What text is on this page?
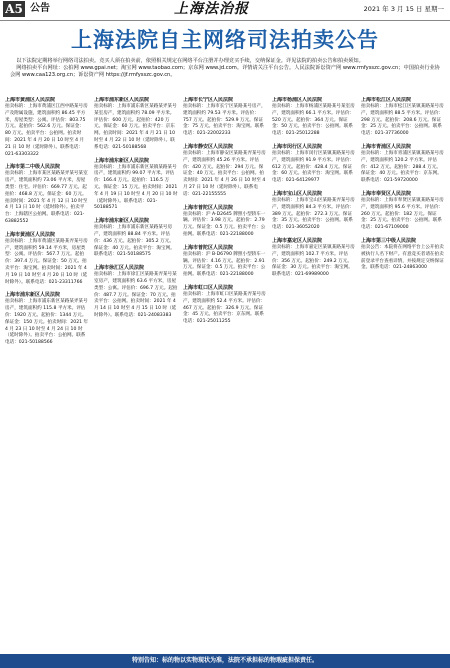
A5 公告	上海法治报	2021 年 3 月 15 日 星期一
上海法院自主网络司法拍卖公告

以下法院定期将举行网络司法拍卖。竞买人须在拍卖前，依照相关规定在网络平台注册并办理竞买手续，交纳保证金。详见法院的拍卖公告和拍卖须知。

网络拍卖平台网址：公拍网 www.gpai.net；淘宝网 www.taobao.com；京东网 www.jd.com。详情请关注平台公告。人民法院诉讼资产网 www.rmfysszc.gov.cn；中国拍卖行业协会网 www.caa123.org.cn；诉讼资产网 https://jf.rmfysszc.gov.cn。

上海市黄浦区人民法院

拍卖标的：上海市黄浦区江西中路某号房产及附属设施，建筑面积约 86.45 平方米，房屋类型：公寓。评估价：803.75 万元。起拍价：562.6 万元。保证金：80 万元。拍卖平台：公拍网。拍卖时间：2021 年 4 月 20 日 10 时至 4 月 21 日 10 时（延时除外）。联系电话：021-63303322

上海市第二中级人民法院

拍卖标的：上海市某区某路某弄某号某室房产，建筑面积约 73.06 平方米，房屋类型：住宅。评估价：669.77 万元。起拍价：468.8 万元。保证金：60 万元。拍卖时间：2021 年 4 月 12 日 10 时至 4 月 13 日 10 时（延时除外）。拍卖平台：上海辖区公拍网。联系电话：021-63882552

上海市黄浦区人民法院

拍卖标的：上海市黄浦区某路某弄某号房产，建筑面积约 59.14 平方米，房屋类型：公寓。评估价：567.7 万元。起拍价：397.4 万元。保证金：50 万元。拍卖平台：淘宝网。拍卖时间：2021 年 4 月 19 日 10 时至 4 月 20 日 10 时（延时除外）。联系电话：021-23311766

上海市浦东新区人民法院

拍卖标的：上海市浦东新区某路某弄某号房产，建筑面积约 115.8 平方米。评估价：1920 万元。起拍价：1344 万元。保证金：150 万元。拍卖时间：2021 年 4 月 23 日 10 时至 4 月 24 日 10 时（延时除外）。拍卖平台：公拍网。联系电话：021-50188566

上海市浦东新区人民法院

拍卖标的：上海市浦东新区某路某弄某号某室房产，建筑面积约 78.09 平方米。评估价：600 万元。起拍价：420 万元。保证金：60 万元。拍卖平台：京东网。拍卖时间：2021 年 4 月 21 日 10 时至 4 月 22 日 10 时（延时除外）。联系电话：021-50188568

上海市浦东新区人民法院

拍卖标的：上海市浦东新区某镇某路某号房产，建筑面积约 99.07 平方米。评估价：166.4 万元。起拍价：116.5 万元。保证金：15 万元。拍卖时间：2021 年 4 月 19 日 10 时至 4 月 20 日 10 时（延时除外）。联系电话：021-50188571

上海市浦东新区人民法院

拍卖标的：上海市浦东新区某路某号房产，建筑面积约 88.84 平方米。评估价：436 万元。起拍价：305.2 万元。保证金：40 万元。拍卖平台：淘宝网。联系电话：021-50188575

上海市徐汇区人民法院

拍卖标的：上海市徐汇区某路某弄某号某室房产，建筑面积约 63.6 平方米，房屋类型：公寓。评估价：696.7 万元。起拍价：487.7 万元。保证金：70 万元。拍卖平台：公拍网。拍卖时间：2021 年 4 月 14 日 10 时至 4 月 15 日 10 时（延时除外）。联系电话：021-24083383

上海市长宁区人民法院

拍卖标的：上海市长宁区某路某号房产，建筑面积约 79.53 平方米。评估价：757 万元。起拍价：529.9 万元。保证金：75 万元。拍卖平台：淘宝网。联系电话：021-22002233

上海市静安区人民法院

拍卖标的：上海市静安区某路某弄某号房产，建筑面积约 45.26 平方米。评估价：420 万元。起拍价：294 万元。保证金：40 万元。拍卖平台：公拍网。拍卖时间：2021 年 4 月 26 日 10 时至 4 月 27 日 10 时（延时除外）。联系电话：021-22155555

上海市普陀区人民法院

拍卖标的：沪 A·D2645 牌照小型轿车一辆。评估价：3.98 万元。起拍价：2.79 万元。保证金：0.5 万元。拍卖平台：公拍网。联系电话：021-22188000

上海市普陀区人民法院

拍卖标的：沪 B·D6790 牌照小型轿车一辆。评估价：4.16 万元。起拍价：2.91 万元。保证金：0.5 万元。拍卖平台：公拍网。联系电话：021-22188000

上海市虹口区人民法院

拍卖标的：上海市虹口区某路某弄某号房产，建筑面积约 52.4 平方米。评估价：467 万元。起拍价：326.9 万元。保证金：45 万元。拍卖平台：京东网。联系电话：021-25011255

上海市杨浦区人民法院

拍卖标的：上海市杨浦区某路某号某室房产，建筑面积约 66.1 平方米。评估价：520 万元。起拍价：364 万元。保证金：50 万元。拍卖平台：公拍网。联系电话：021-25012288

上海市闵行区人民法院

拍卖标的：上海市闵行区某镇某路某号房产，建筑面积约 91.9 平方米。评估价：612 万元。起拍价：428.4 万元。保证金：60 万元。拍卖平台：淘宝网。联系电话：021-64129977

上海市宝山区人民法院

拍卖标的：上海市宝山区某路某弄某号房产，建筑面积约 84.3 平方米。评估价：389 万元。起拍价：272.3 万元。保证金：35 万元。拍卖平台：公拍网。联系电话：021-36052020

上海市嘉定区人民法院

拍卖标的：上海市嘉定区某镇某路某号房产，建筑面积约 102.7 平方米。评估价：356 万元。起拍价：249.2 万元。保证金：30 万元。拍卖平台：淘宝网。联系电话：021-69989000

上海市松江区人民法院

拍卖标的：上海市松江区某镇某路某号房产，建筑面积约 88.5 平方米。评估价：298 万元。起拍价：208.6 万元。保证金：25 万元。拍卖平台：公拍网。联系电话：021-37736000

上海市青浦区人民法院

拍卖标的：上海市青浦区某镇某路某号房产，建筑面积约 120.2 平方米。评估价：412 万元。起拍价：288.4 万元。保证金：40 万元。拍卖平台：京东网。联系电话：021-59720000

上海市奉贤区人民法院

拍卖标的：上海市奉贤区某镇某路某号房产，建筑面积约 95.6 平方米。评估价：260 万元。起拍价：182 万元。保证金：25 万元。拍卖平台：公拍网。联系电话：021-67109000

上海市第三中级人民法院

拍卖公告：本院将在网络平台上公开拍卖被执行人名下财产。有意竞买者请在拍卖前登录平台查看详情，并按规定交纳保证金。联系电话：021-24863000

特别告知：标的物以实物现状为准，法院不承担标的物瑕疵担保责任。
